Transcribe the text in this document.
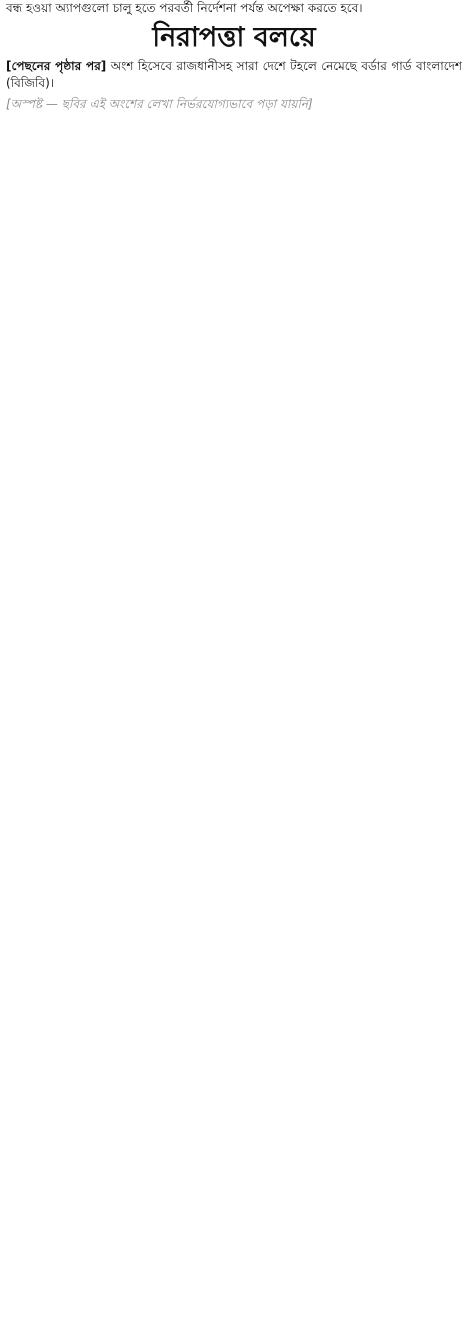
বন্ধ হওয়া অ্যাপগুলো চালু হতে পরবর্তী নির্দেশনা পর্যন্ত অপেক্ষা করতে হবে।
নিরাপত্তা বলয়ে

[পেছনের পৃষ্ঠার পর] অংশ হিসেবে রাজধানীসহ সারা দেশে টহলে নেমেছে বর্ডার গার্ড বাংলাদেশ (বিজিবি)।

[অস্পষ্ট — ছবির এই অংশের লেখা নির্ভরযোগ্যভাবে পড়া যায়নি]
